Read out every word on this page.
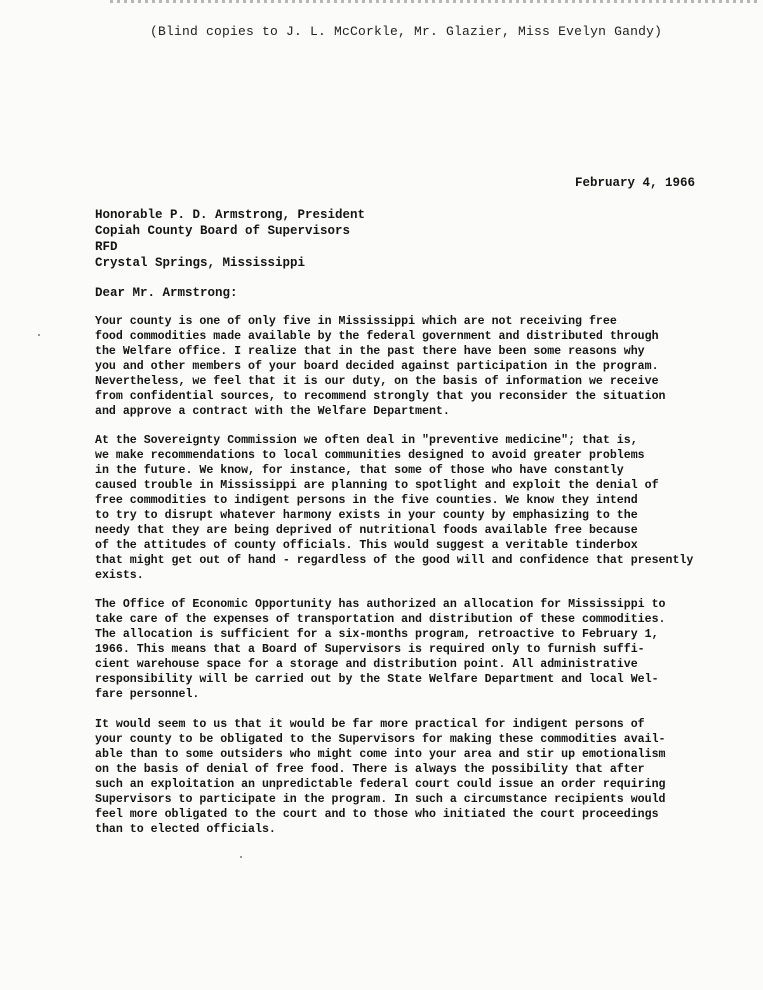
(Blind copies to J. L. McCorkle, Mr. Glazier, Miss Evelyn Gandy)
February 4, 1966
Honorable P. D. Armstrong, President
Copiah County Board of Supervisors
RFD
Crystal Springs, Mississippi
Dear Mr. Armstrong:
Your county is one of only five in Mississippi which are not receiving free
food commodities made available by the federal government and distributed through
the Welfare office. I realize that in the past there have been some reasons why
you and other members of your board decided against participation in the program.
Nevertheless, we feel that it is our duty, on the basis of information we receive
from confidential sources, to recommend strongly that you reconsider the situation
and approve a contract with the Welfare Department.
At the Sovereignty Commission we often deal in "preventive medicine"; that is,
we make recommendations to local communities designed to avoid greater problems
in the future. We know, for instance, that some of those who have constantly
caused trouble in Mississippi are planning to spotlight and exploit the denial of
free commodities to indigent persons in the five counties. We know they intend
to try to disrupt whatever harmony exists in your county by emphasizing to the
needy that they are being deprived of nutritional foods available free because
of the attitudes of county officials. This would suggest a veritable tinderbox
that might get out of hand - regardless of the good will and confidence that presently
exists.
The Office of Economic Opportunity has authorized an allocation for Mississippi to
take care of the expenses of transportation and distribution of these commodities.
The allocation is sufficient for a six-months program, retroactive to February 1,
1966. This means that a Board of Supervisors is required only to furnish suffi-
cient warehouse space for a storage and distribution point. All administrative
responsibility will be carried out by the State Welfare Department and local Wel-
fare personnel.
It would seem to us that it would be far more practical for indigent persons of
your county to be obligated to the Supervisors for making these commodities avail-
able than to some outsiders who might come into your area and stir up emotionalism
on the basis of denial of free food. There is always the possibility that after
such an exploitation an unpredictable federal court could issue an order requiring
Supervisors to participate in the program. In such a circumstance recipients would
feel more obligated to the court and to those who initiated the court proceedings
than to elected officials.
